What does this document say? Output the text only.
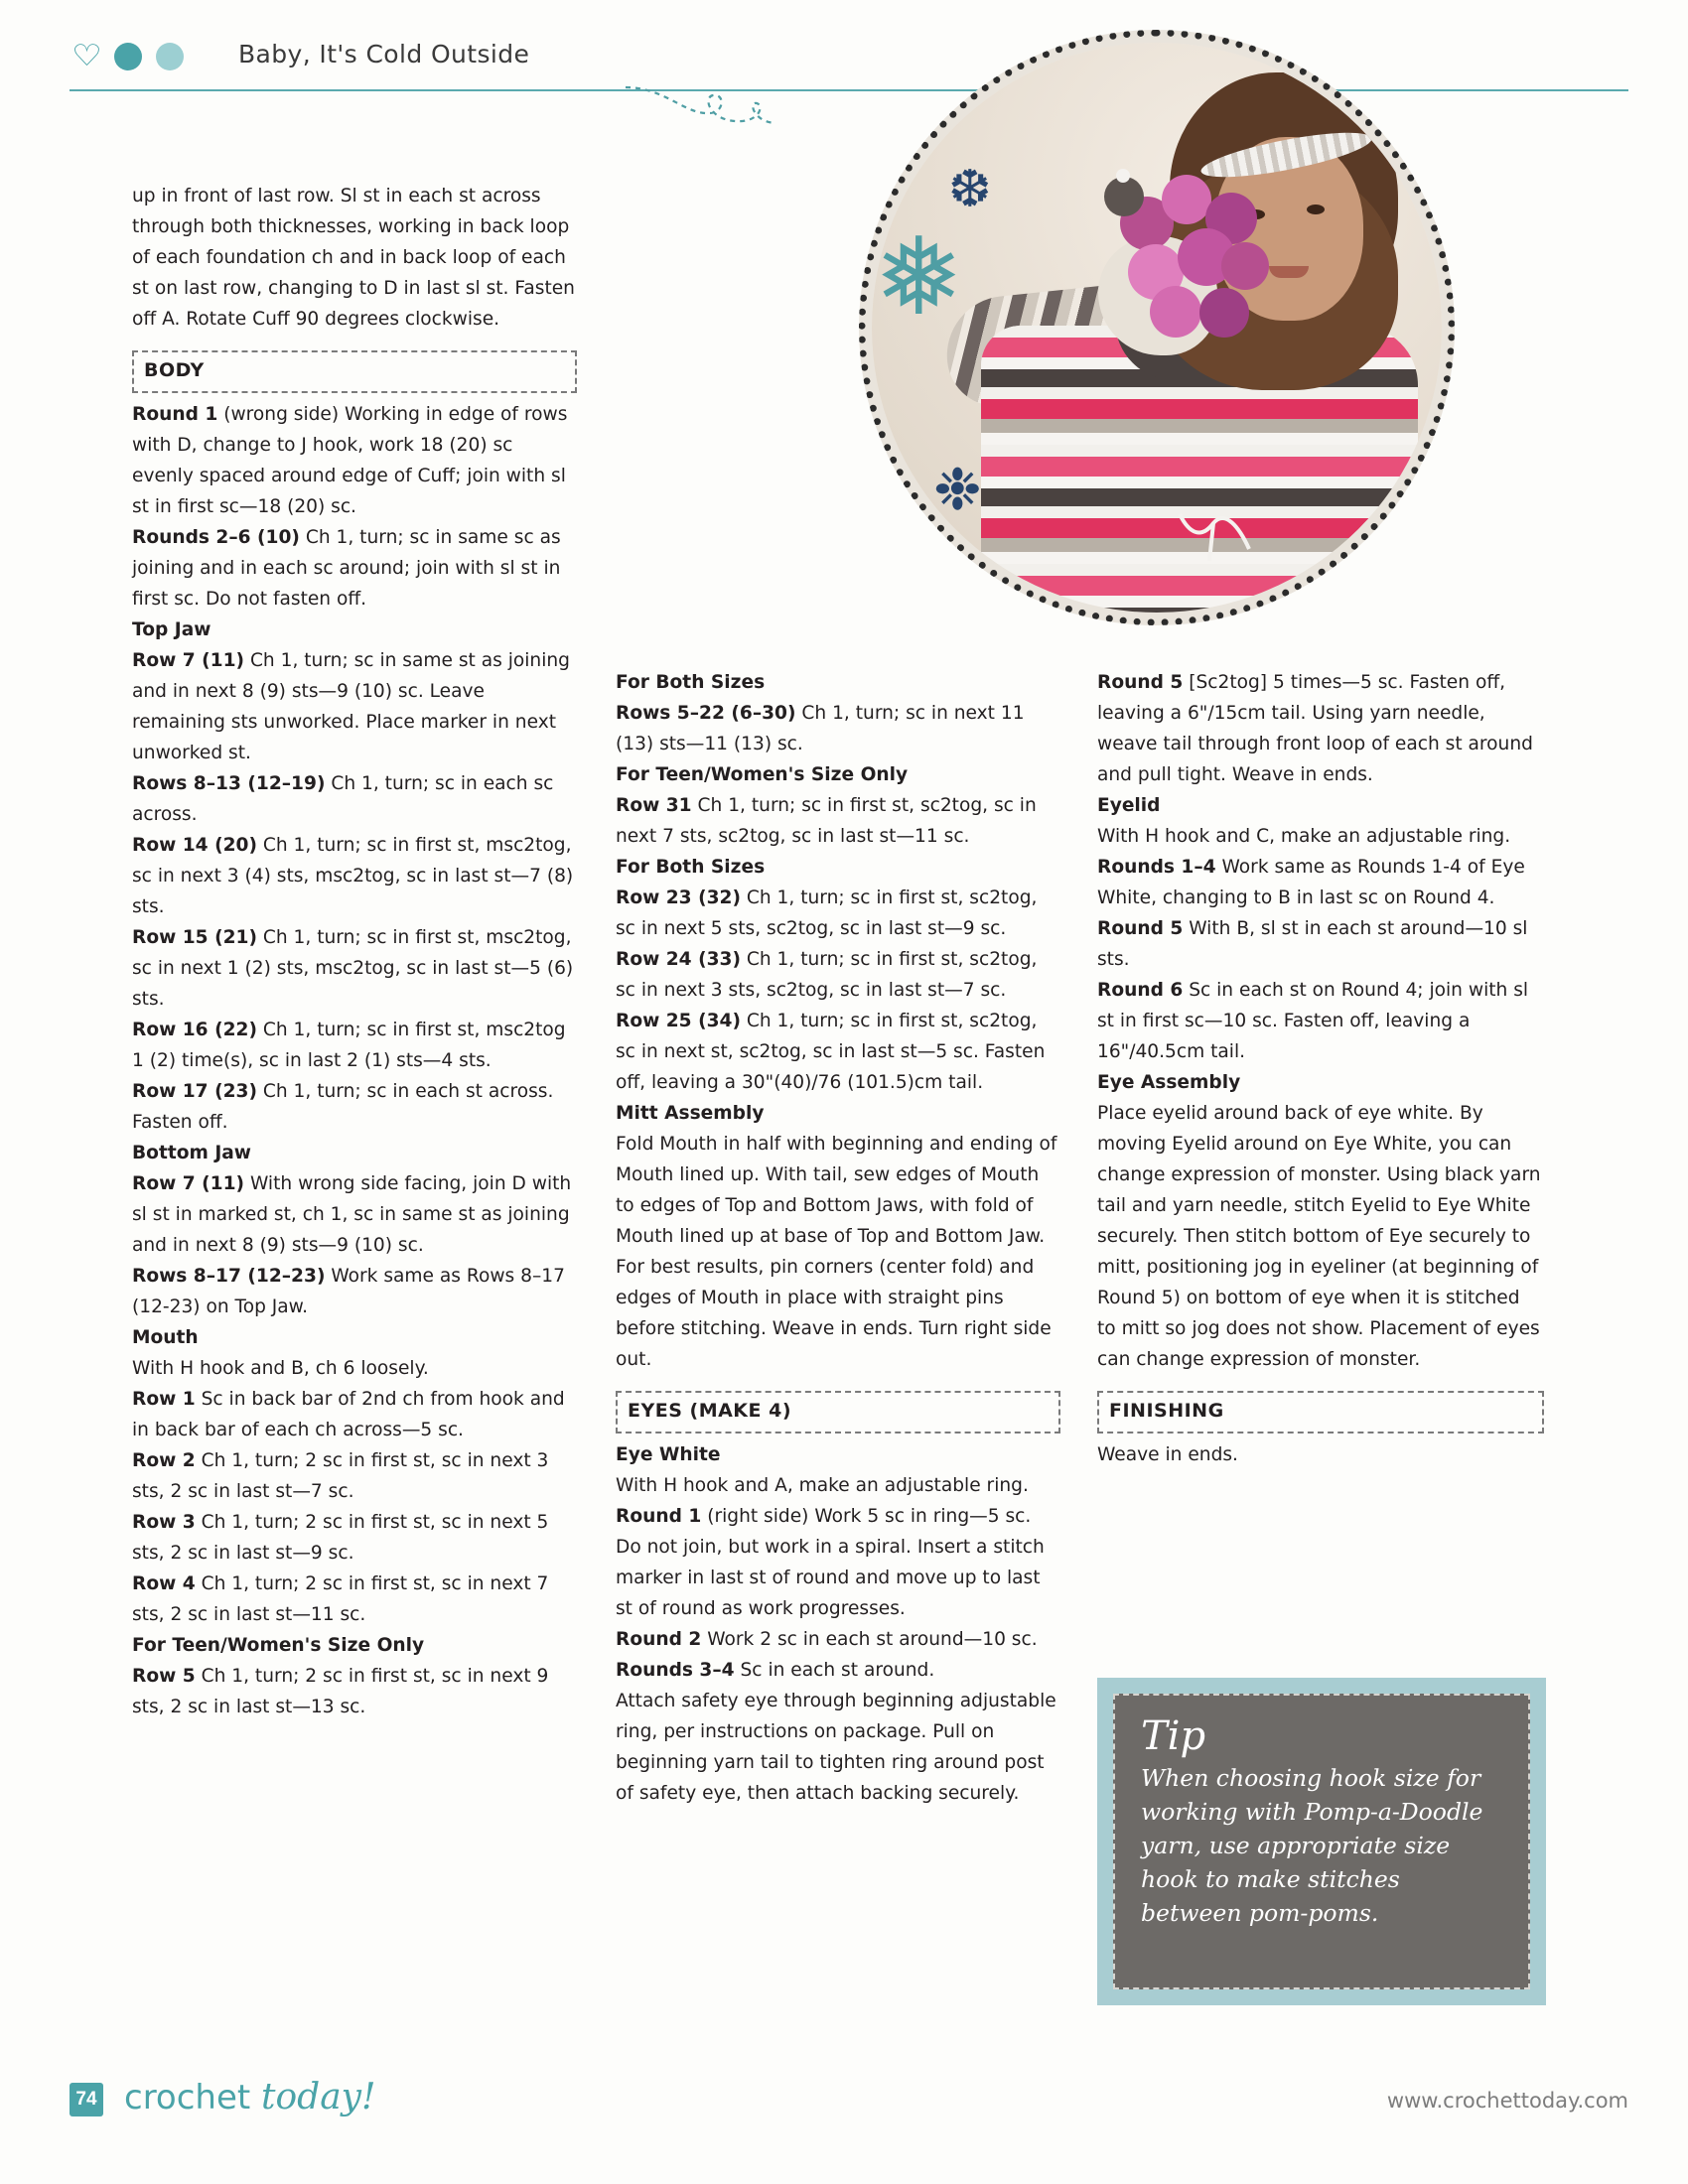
♡	Baby, It's Cold Outside
❅
❆
❉

up in front of last row. Sl st in each st across through both thicknesses, working in back loop of each foundation ch and in back loop of each st on last row, changing to D in last sl st. Fasten off A. Rotate Cuff 90 degrees clockwise.

BODY

Round 1 (wrong side) Working in edge of rows with D, change to J hook, work 18 (20) sc evenly spaced around edge of Cuff; join with sl st in first sc—18 (20) sc.

Rounds 2–6 (10) Ch 1, turn; sc in same sc as joining and in each sc around; join with sl st in first sc. Do not fasten off.

Top Jaw

Row 7 (11) Ch 1, turn; sc in same st as joining and in next 8 (9) sts—9 (10) sc. Leave remaining sts unworked. Place marker in next unworked st.

Rows 8–13 (12–19) Ch 1, turn; sc in each sc across.

Row 14 (20) Ch 1, turn; sc in first st, msc2tog, sc in next 3 (4) sts, msc2tog, sc in last st—7 (8) sts.

Row 15 (21) Ch 1, turn; sc in first st, msc2tog, sc in next 1 (2) sts, msc2tog, sc in last st—5 (6) sts.

Row 16 (22) Ch 1, turn; sc in first st, msc2tog 1 (2) time(s), sc in last 2 (1) sts—4 sts.

Row 17 (23) Ch 1, turn; sc in each st across. Fasten off.

Bottom Jaw

Row 7 (11) With wrong side facing, join D with sl st in marked st, ch 1, sc in same st as joining and in next 8 (9) sts—9 (10) sc.

Rows 8–17 (12–23) Work same as Rows 8–17 (12-23) on Top Jaw.

Mouth

With H hook and B, ch 6 loosely.

Row 1 Sc in back bar of 2nd ch from hook and in back bar of each ch across—5 sc.

Row 2 Ch 1, turn; 2 sc in first st, sc in next 3 sts, 2 sc in last st—7 sc.

Row 3 Ch 1, turn; 2 sc in first st, sc in next 5 sts, 2 sc in last st—9 sc.

Row 4 Ch 1, turn; 2 sc in first st, sc in next 7 sts, 2 sc in last st—11 sc.

For Teen/Women's Size Only

Row 5 Ch 1, turn; 2 sc in first st, sc in next 9 sts, 2 sc in last st—13 sc.

For Both Sizes

Rows 5–22 (6–30) Ch 1, turn; sc in next 11 (13) sts—11 (13) sc.

For Teen/Women's Size Only

Row 31 Ch 1, turn; sc in first st, sc2tog, sc in next 7 sts, sc2tog, sc in last st—11 sc.

For Both Sizes

Row 23 (32) Ch 1, turn; sc in first st, sc2tog, sc in next 5 sts, sc2tog, sc in last st—9 sc.

Row 24 (33) Ch 1, turn; sc in first st, sc2tog, sc in next 3 sts, sc2tog, sc in last st—7 sc.

Row 25 (34) Ch 1, turn; sc in first st, sc2tog, sc in next st, sc2tog, sc in last st—5 sc. Fasten off, leaving a 30"(40)/76 (101.5)cm tail.

Mitt Assembly

Fold Mouth in half with beginning and ending of Mouth lined up. With tail, sew edges of Mouth to edges of Top and Bottom Jaws, with fold of Mouth lined up at base of Top and Bottom Jaw. For best results, pin corners (center fold) and edges of Mouth in place with straight pins before stitching. Weave in ends. Turn right side out.

EYES (MAKE 4)

Eye White

With H hook and A, make an adjustable ring.

Round 1 (right side) Work 5 sc in ring—5 sc. Do not join, but work in a spiral. Insert a stitch marker in last st of round and move up to last st of round as work progresses.

Round 2 Work 2 sc in each st around—10 sc.

Rounds 3–4 Sc in each st around.

Attach safety eye through beginning adjustable ring, per instructions on package. Pull on beginning yarn tail to tighten ring around post of safety eye, then attach backing securely.

Round 5 [Sc2tog] 5 times—5 sc. Fasten off, leaving a 6"/15cm tail. Using yarn needle, weave tail through front loop of each st around and pull tight. Weave in ends.

Eyelid

With H hook and C, make an adjustable ring.

Rounds 1–4 Work same as Rounds 1-4 of Eye White, changing to B in last sc on Round 4.

Round 5 With B, sl st in each st around—10 sl sts.

Round 6 Sc in each st on Round 4; join with sl st in first sc—10 sc. Fasten off, leaving a 16"/40.5cm tail.

Eye Assembly

Place eyelid around back of eye white. By moving Eyelid around on Eye White, you can change expression of monster. Using black yarn tail and yarn needle, stitch Eyelid to Eye White securely. Then stitch bottom of Eye securely to mitt, positioning jog in eyeliner (at beginning of Round 5) on bottom of eye when it is stitched to mitt so jog does not show. Placement of eyes can change expression of monster.

FINISHING

Weave in ends.

Tip
When choosing hook size for working with Pomp-a-Doodle yarn, use appropriate size hook to make stitches between pom-poms.
74 crochet today!	www.crochettoday.com
